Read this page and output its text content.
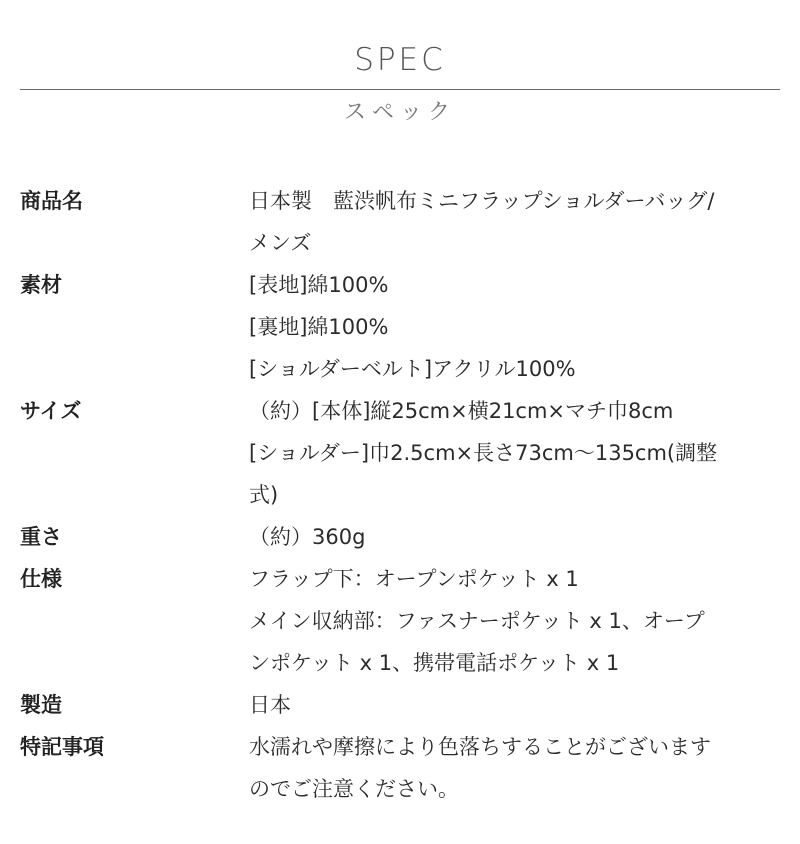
SPEC
スペック
商品名	日本製　藍渋帆布ミニフラップショルダーバッグ/
メンズ
素材	[表地]綿100%
[裏地]綿100%
[ショルダーベルト]アクリル100%
サイズ	（約）[本体]縦25cm×横21cm×マチ巾8cm
[ショルダー]巾2.5cm×長さ73cm〜135cm(調整
式)
重さ	（約）360g
仕様	フラップ下：オープンポケット x 1
メイン収納部：ファスナーポケット x 1、オープ
ンポケット x 1、携帯電話ポケット x 1
製造	日本
特記事項	水濡れや摩擦により色落ちすることがございます
のでご注意ください。
